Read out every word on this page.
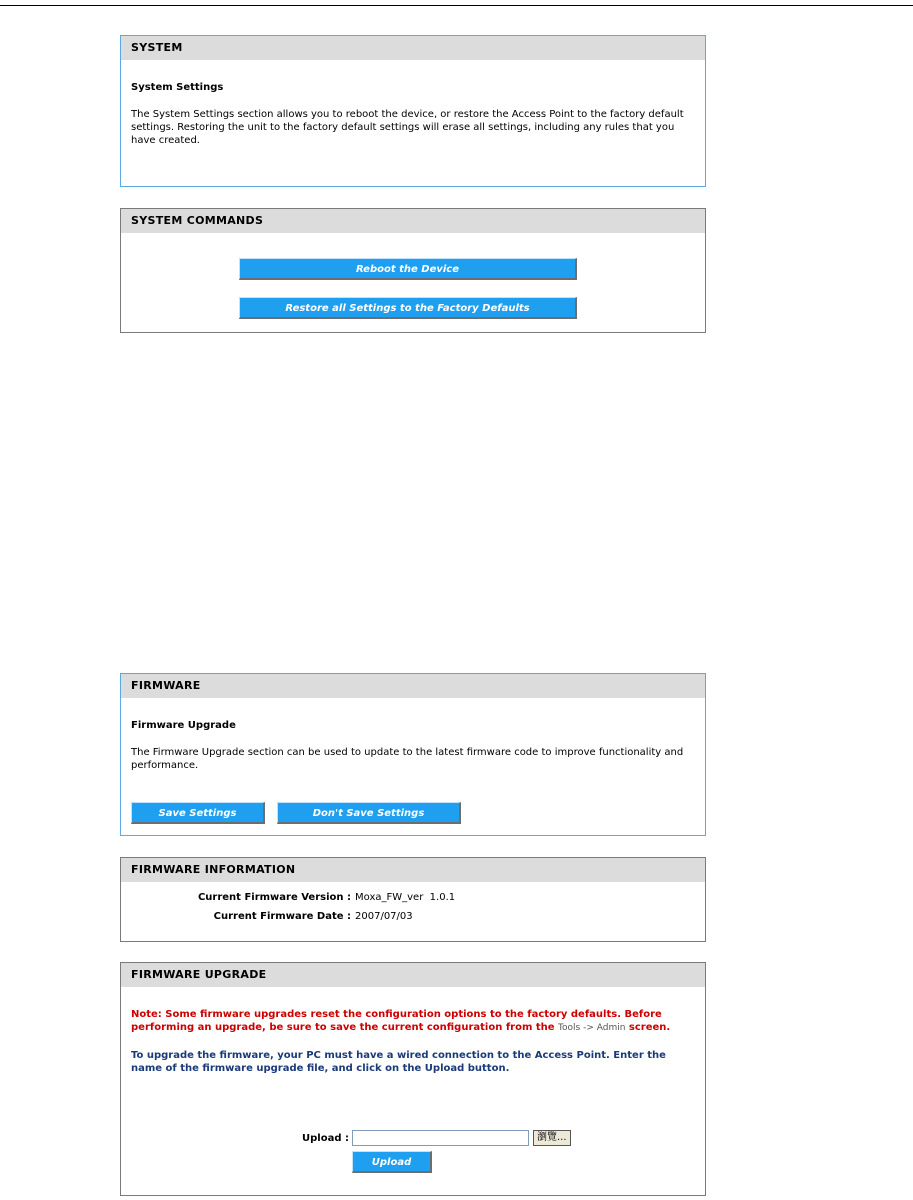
SYSTEM
System Settings
The System Settings section allows you to reboot the device, or restore the Access Point to the factory default settings. Restoring the unit to the factory default settings will erase all settings, including any rules that you have created.
SYSTEM COMMANDS
Reboot the Device
Restore all Settings to the Factory Defaults
FIRMWARE
Firmware Upgrade
The Firmware Upgrade section can be used to update to the latest firmware code to improve functionality and performance.
Save Settings	Don't Save Settings
FIRMWARE INFORMATION
Current Firmware Version : Moxa_FW_ver  1.0.1
Current Firmware Date : 2007/07/03
FIRMWARE UPGRADE
Note: Some firmware upgrades reset the configuration options to the factory defaults. Before performing an upgrade, be sure to save the current configuration from the Tools -> Admin screen.
To upgrade the firmware, your PC must have a wired connection to the Access Point. Enter the name of the firmware upgrade file, and click on the Upload button.
Upload :	瀏覽...
Upload
